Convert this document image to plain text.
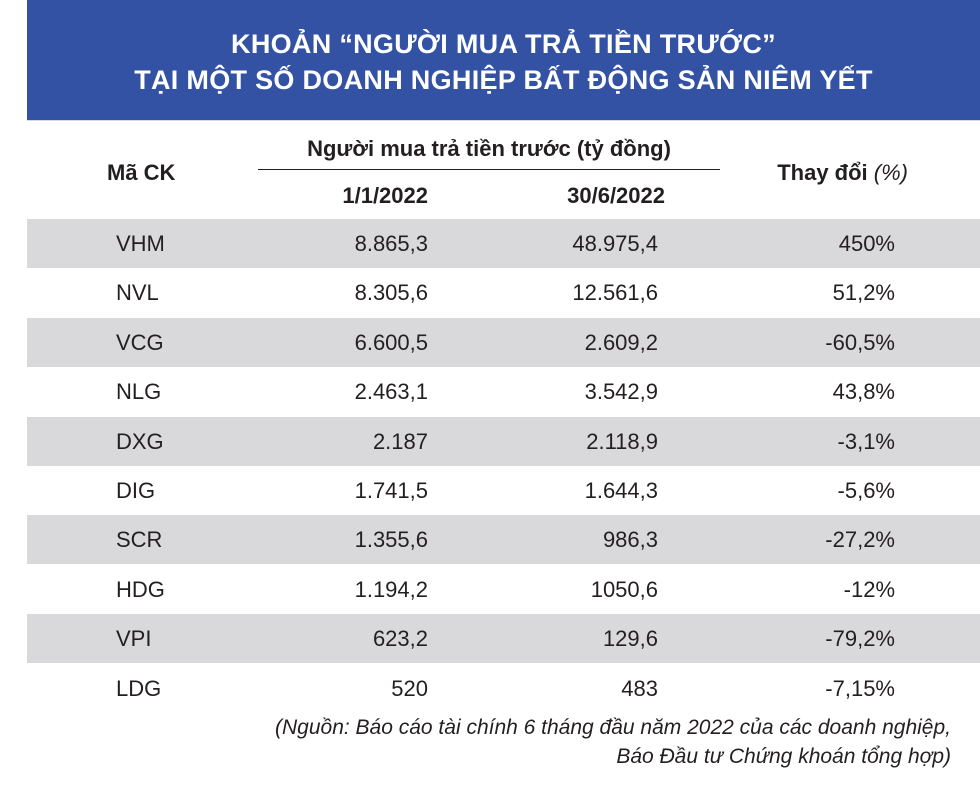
KHOẢN “NGƯỜI MUA TRẢ TIỀN TRƯỚC”
TẠI MỘT SỐ DOANH NGHIỆP BẤT ĐỘNG SẢN NIÊM YẾT
Mã CK
Người mua trả tiền trước (tỷ đồng)
1/1/2022	30/6/2022
Thay đổi (%)
VHM	8.865,3	48.975,4	450%
NVL	8.305,6	12.561,6	51,2%
VCG	6.600,5	2.609,2	-60,5%
NLG	2.463,1	3.542,9	43,8%
DXG	2.187	2.118,9	-3,1%
DIG	1.741,5	1.644,3	-5,6%
SCR	1.355,6	986,3	-27,2%
HDG	1.194,2	1050,6	-12%
VPI	623,2	129,6	-79,2%
LDG	520	483	-7,15%
(Nguồn: Báo cáo tài chính 6 tháng đầu năm 2022 của các doanh nghiệp,
Báo Đầu tư Chứng khoán tổng hợp)
